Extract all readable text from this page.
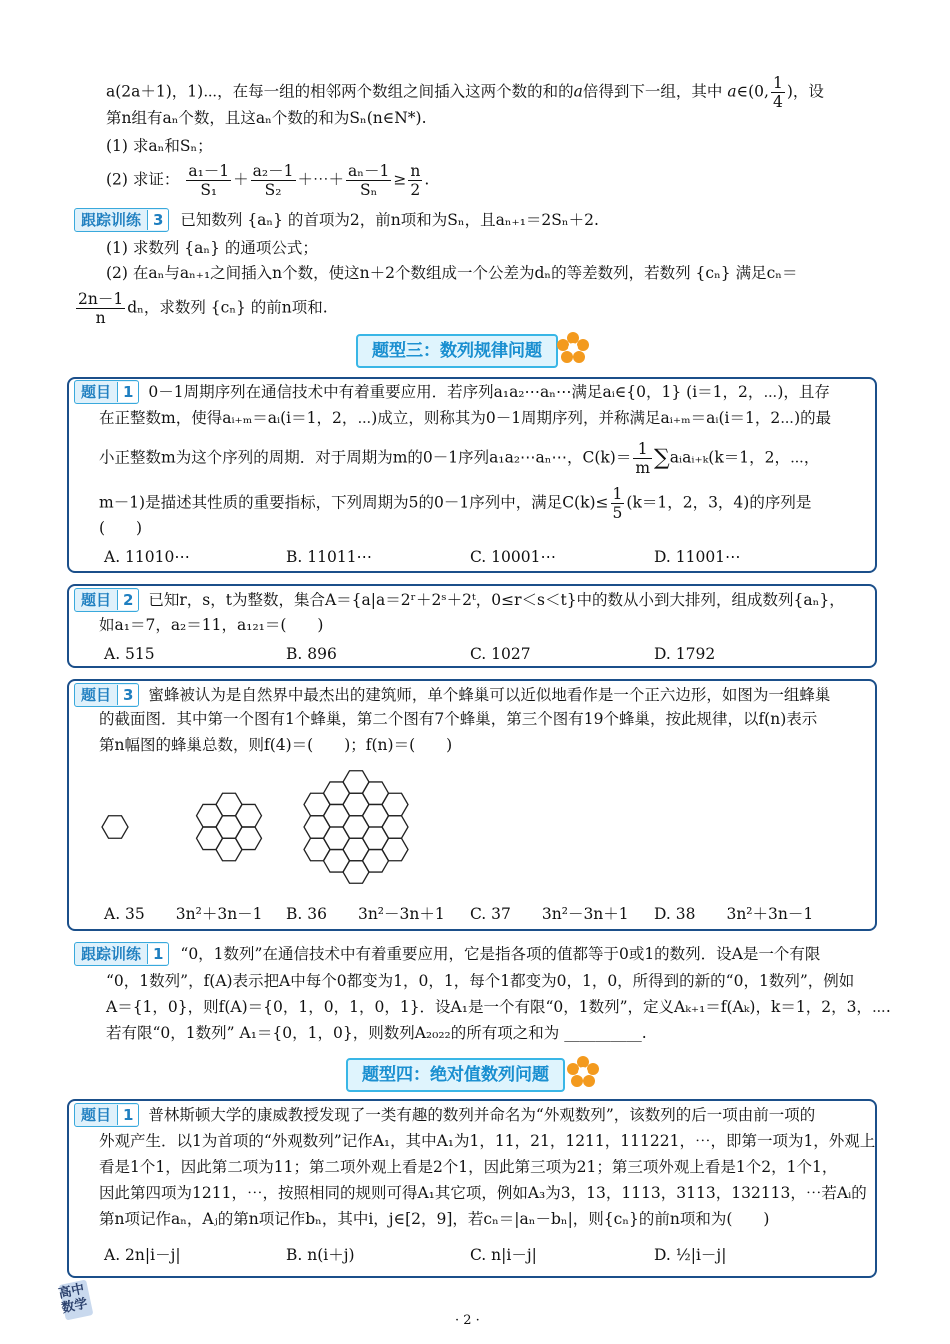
a(2a＋1)，1)⋯，在每一组的相邻两个数组之间插入这两个数的和的a倍得到下一组，其中 a∈(0, $\frac{1}{4}$ )，设
第n组有aₙ个数，且这aₙ个数的和为Sₙ(n∈N*).
(1) 求aₙ和Sₙ；
(2) 求证： $\frac{\text{a₁－1}}{\text{S₁}} + \frac{\text{a₂－1}}{\text{S₂}}$ ＋⋯＋ $\frac{\text{aₙ－1}}{\text{Sₙ}} \ge \frac{n}{2}$ .
跟踪训练 3 已知数列 {aₙ} 的首项为2，前n项和为Sₙ，且aₙ₊₁＝2Sₙ＋2.
(1) 求数列 {aₙ} 的通项公式；
(2) 在aₙ与aₙ₊₁之间插入n个数，使这n＋2个数组成一个公差为dₙ的等差数列，若数列 {cₙ} 满足cₙ＝
$\frac{2n-1}{n}$ dₙ，求数列 {cₙ} 的前n项和.
题型三：数列规律问题
题目 1 0－1周期序列在通信技术中有着重要应用．若序列a₁a₂⋯aₙ⋯满足aᵢ∈{0，1} (i＝1，2，⋯)，且存
在正整数m，使得aᵢ₊ₘ＝aᵢ(i＝1，2，⋯)成立，则称其为0－1周期序列，并称满足aᵢ₊ₘ＝aᵢ(i＝1，2⋯)的最
小正整数m为这个序列的周期．对于周期为m的0－1序列a₁a₂⋯aₙ⋯，$C(k)= \frac{1}{m}$ ∑aᵢaᵢ₊ₖ(k＝1，2，⋯，
m－1)是描述其性质的重要指标，下列周期为5的0－1序列中，满足$C(k)\le \frac{1}{5} (k=1$，2，3，4)的序列是
(　　)
A. 11010⋯	B. 11011⋯	C. 10001⋯	D. 11001⋯
题目 2 已知r，s，t为整数，集合A＝{a|a＝2ʳ＋2ˢ＋2ᵗ，0≤r＜s＜t}中的数从小到大排列，组成数列{aₙ}，
如a₁＝7，a₂＝11，a₁₂₁＝(　　)
A. 515	B. 896	C. 1027	D. 1792
题目 3 蜜蜂被认为是自然界中最杰出的建筑师，单个蜂巢可以近似地看作是一个正六边形，如图为一组蜂巢
的截面图．其中第一个图有1个蜂巢，第二个图有7个蜂巢，第三个图有19个蜂巢，按此规律，以f(n)表示
第n幅图的蜂巢总数，则f(4)＝(　　)；f(n)＝(　　)
A. 35　　3n²＋3n－1 B. 36　　3n²－3n＋1 C. 37　　3n²－3n＋1 D. 38　　3n²＋3n－1
跟踪训练 1 “0，1数列”在通信技术中有着重要应用，它是指各项的值都等于0或1的数列．设A是一个有限
“0，1数列”，f(A)表示把A中每个0都变为1，0，1，每个1都变为0，1，0，所得到的新的“0，1数列”，例如
A＝{1，0}，则f(A)＝{0，1，0，1，0，1}．设A₁是一个有限“0，1数列”，定义Aₖ₊₁＝f(Aₖ)，k＝1，2，3，⋯.
若有限“0，1数列” A₁＝{0，1，0}，则数列A₂₀₂₂的所有项之和为 __________.
题型四：绝对值数列问题
题目 1 普林斯顿大学的康威教授发现了一类有趣的数列并命名为“外观数列”，该数列的后一项由前一项的
外观产生．以1为首项的“外观数列”记作A₁，其中A₁为1，11，21，1211，111221，⋯，即第一项为1，外观上
看是1个1，因此第二项为11；第二项外观上看是2个1，因此第三项为21；第三项外观上看是1个2，1个1，
因此第四项为1211，⋯，按照相同的规则可得A₁其它项，例如A₃为3，13，1113，3113，132113，⋯若Aᵢ的
第n项记作aₙ，Aⱼ的第n项记作bₙ，其中i，j∈[2，9]，若cₙ＝|aₙ－bₙ|，则{cₙ}的前n项和为(　　)
A. 2n|i－j|	B. n(i＋j)	C. n|i－j|	D. ½|i－j|
高中数学
· 2 ·
